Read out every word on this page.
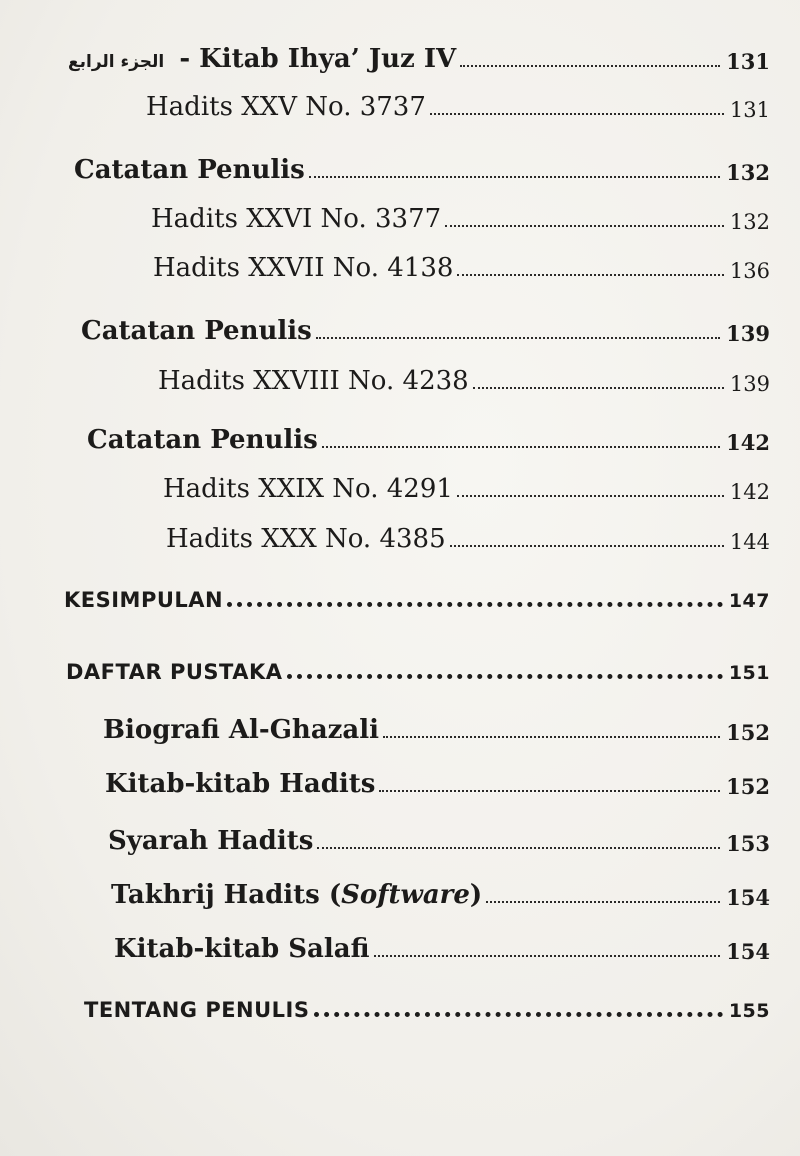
الجزء الرابع - Kitab Ihya’ Juz IV	131
Hadits XXV No. 3737	131
Catatan Penulis	132
Hadits XXVI No. 3377	132
Hadits XXVII No. 4138	136
Catatan Penulis	139
Hadits XXVIII No. 4238	139
Catatan Penulis	142
Hadits XXIX No. 4291	142
Hadits XXX No. 4385	144
KESIMPULAN	147
DAFTAR PUSTAKA	151
Biografi Al-Ghazali	152
Kitab-kitab Hadits	152
Syarah Hadits	153
Takhrij Hadits (Software)	154
Kitab-kitab Salafi	154
TENTANG PENULIS	155
